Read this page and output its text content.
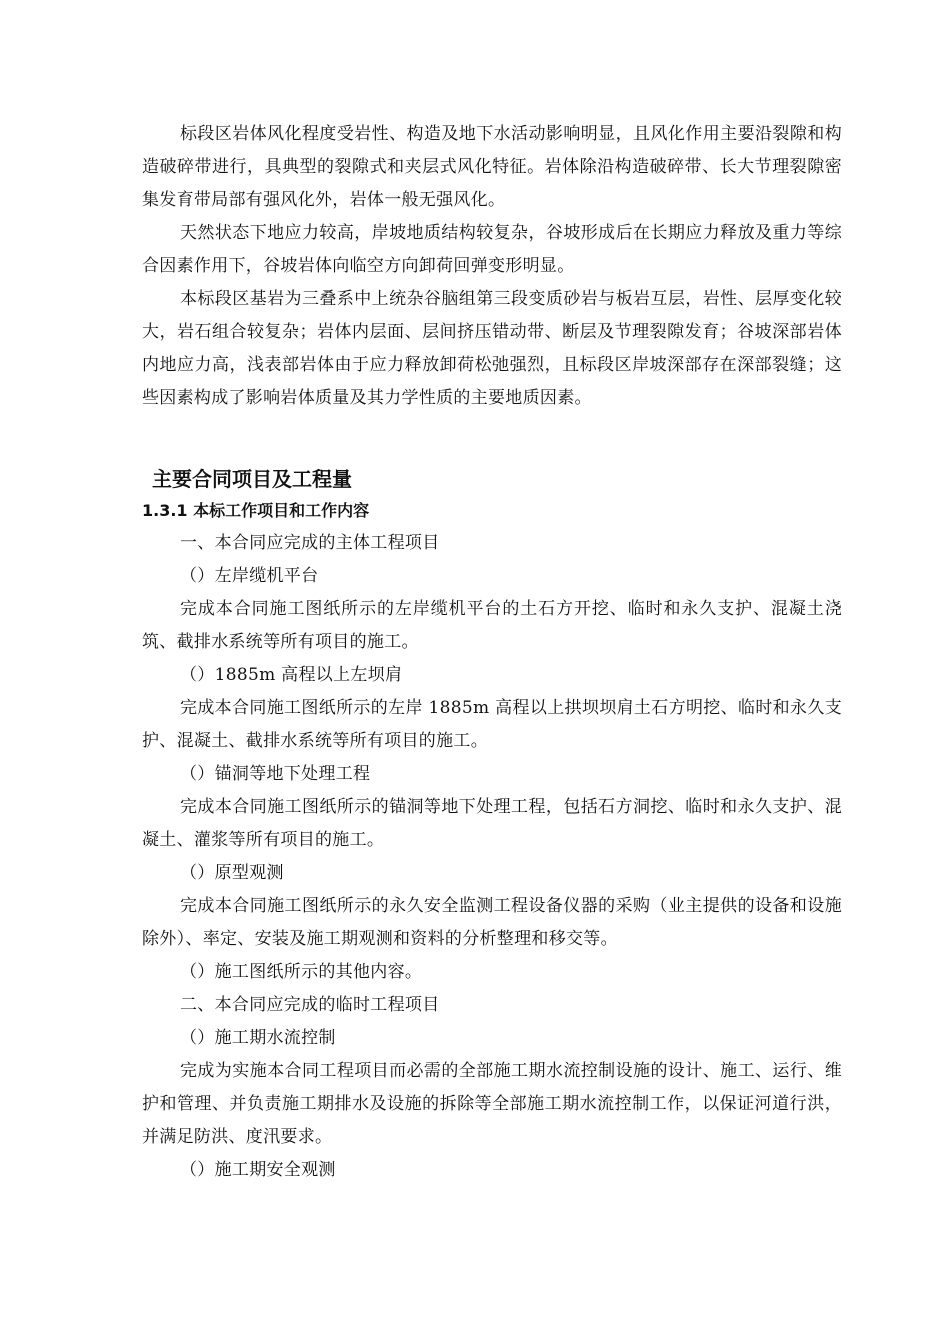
标段区岩体风化程度受岩性、构造及地下水活动影响明显，且风化作用主要沿裂隙和构造破碎带进行，具典型的裂隙式和夹层式风化特征。岩体除沿构造破碎带、长大节理裂隙密集发育带局部有强风化外，岩体一般无强风化。

天然状态下地应力较高，岸坡地质结构较复杂，谷坡形成后在长期应力释放及重力等综合因素作用下，谷坡岩体向临空方向卸荷回弹变形明显。

本标段区基岩为三叠系中上统杂谷脑组第三段变质砂岩与板岩互层，岩性、层厚变化较大，岩石组合较复杂；岩体内层面、层间挤压错动带、断层及节理裂隙发育；谷坡深部岩体内地应力高，浅表部岩体由于应力释放卸荷松弛强烈，且标段区岸坡深部存在深部裂缝；这些因素构成了影响岩体质量及其力学性质的主要地质因素。

主要合同项目及工程量
1.3.1 本标工作项目和工作内容

一、本合同应完成的主体工程项目

（）左岸缆机平台

完成本合同施工图纸所示的左岸缆机平台的土石方开挖、临时和永久支护、混凝土浇筑、截排水系统等所有项目的施工。

（）1885m 高程以上左坝肩

完成本合同施工图纸所示的左岸 1885m 高程以上拱坝坝肩土石方明挖、临时和永久支护、混凝土、截排水系统等所有项目的施工。

（）锚洞等地下处理工程

完成本合同施工图纸所示的锚洞等地下处理工程，包括石方洞挖、临时和永久支护、混凝土、灌浆等所有项目的施工。

（）原型观测

完成本合同施工图纸所示的永久安全监测工程设备仪器的采购（业主提供的设备和设施除外）、率定、安装及施工期观测和资料的分析整理和移交等。

（）施工图纸所示的其他内容。

二、本合同应完成的临时工程项目

（）施工期水流控制

完成为实施本合同工程项目而必需的全部施工期水流控制设施的设计、施工、运行、维护和管理、并负责施工期排水及设施的拆除等全部施工期水流控制工作，以保证河道行洪，并满足防洪、度汛要求。

（）施工期安全观测
